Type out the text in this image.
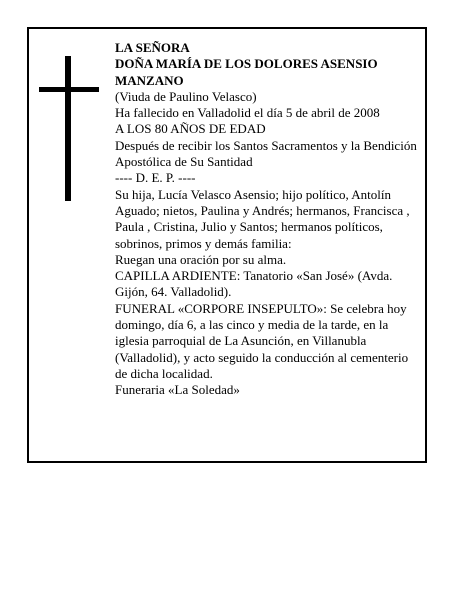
LA SEÑORA
DOÑA MARÍA DE LOS DOLORES ASENSIO MANZANO
(Viuda de Paulino Velasco)
Ha fallecido en Valladolid el día 5 de abril de 2008
A LOS 80 AÑOS DE EDAD
Después de recibir los Santos Sacramentos y la Bendición Apostólica de Su Santidad
---- D. E. P. ----
Su hija, Lucía Velasco Asensio; hijo político, Antolín Aguado; nietos, Paulina y Andrés; hermanos, Francisca , Paula , Cristina, Julio y Santos; hermanos políticos, sobrinos, primos y demás familia:
Ruegan una oración por su alma.
CAPILLA ARDIENTE: Tanatorio «San José» (Avda. Gijón, 64. Valladolid).
FUNERAL «CORPORE INSEPULTO»: Se celebra hoy domingo, día 6, a las cinco y media de la tarde, en la iglesia parroquial de La Asunción, en Villanubla (Valladolid), y acto seguido la conducción al cementerio de dicha localidad.
Funeraria «La Soledad»
